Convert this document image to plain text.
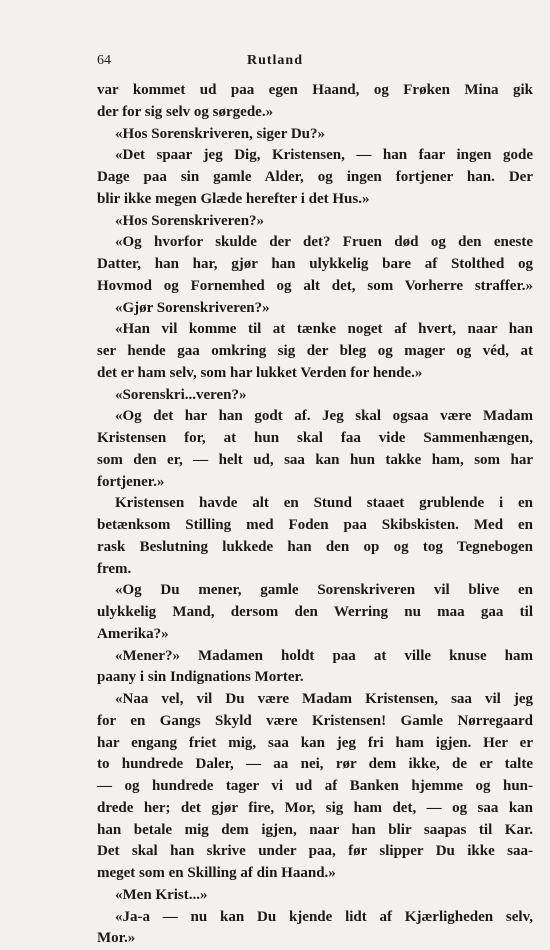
64	Rutland

var kommet ud paa egen Haand, og Frøken Mina gik

der for sig selv og sørgede.»

«Hos Sorenskriveren, siger Du?»

«Det spaar jeg Dig, Kristensen, — han faar ingen gode

Dage paa sin gamle Alder, og ingen fortjener han. Der

blir ikke megen Glæde herefter i det Hus.»

«Hos Sorenskriveren?»

«Og hvorfor skulde der det? Fruen død og den eneste

Datter, han har, gjør han ulykkelig bare af Stolthed og

Hovmod og Fornemhed og alt det, som Vorherre straffer.»

«Gjør Sorenskriveren?»

«Han vil komme til at tænke noget af hvert, naar han

ser hende gaa omkring sig der bleg og mager og véd, at

det er ham selv, som har lukket Verden for hende.»

«Sorenskri...veren?»

«Og det har han godt af. Jeg skal ogsaa være Madam

Kristensen for, at hun skal faa vide Sammenhængen,

som den er, — helt ud, saa kan hun takke ham, som har

fortjener.»

Kristensen havde alt en Stund staaet grublende i en

betænksom Stilling med Foden paa Skibskisten. Med en

rask Beslutning lukkede han den op og tog Tegnebogen

frem.

«Og Du mener, gamle Sorenskriveren vil blive en

ulykkelig Mand, dersom den Werring nu maa gaa til

Amerika?»

«Mener?» Madamen holdt paa at ville knuse ham

paany i sin Indignations Morter.

«Naa vel, vil Du være Madam Kristensen, saa vil jeg

for en Gangs Skyld være Kristensen! Gamle Nørregaard

har engang friet mig, saa kan jeg fri ham igjen. Her er

to hundrede Daler, — aa nei, rør dem ikke, de er talte

— og hundrede tager vi ud af Banken hjemme og hun-

drede her; det gjør fire, Mor, sig ham det, — og saa kan

han betale mig dem igjen, naar han blir saapas til Kar.

Det skal han skrive under paa, før slipper Du ikke saa-

meget som en Skilling af din Haand.»

«Men Krist...»

«Ja-a — nu kan Du kjende lidt af Kjærligheden selv,

Mor.»
